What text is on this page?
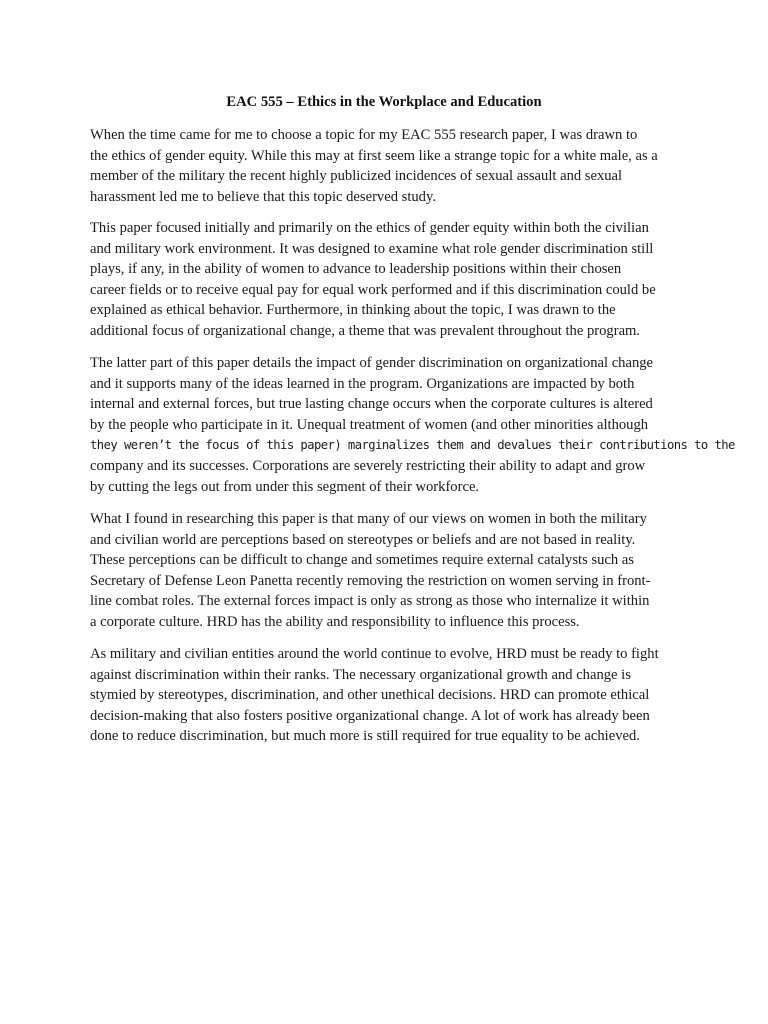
EAC 555 – Ethics in the Workplace and Education

When the time came for me to choose a topic for my EAC 555 research paper, I was drawn to
the ethics of gender equity. While this may at first seem like a strange topic for a white male, as a
member of the military the recent highly publicized incidences of sexual assault and sexual
harassment led me to believe that this topic deserved study.

This paper focused initially and primarily on the ethics of gender equity within both the civilian
and military work environment. It was designed to examine what role gender discrimination still
plays, if any, in the ability of women to advance to leadership positions within their chosen
career fields or to receive equal pay for equal work performed and if this discrimination could be
explained as ethical behavior. Furthermore, in thinking about the topic, I was drawn to the
additional focus of organizational change, a theme that was prevalent throughout the program.

The latter part of this paper details the impact of gender discrimination on organizational change
and it supports many of the ideas learned in the program. Organizations are impacted by both
internal and external forces, but true lasting change occurs when the corporate cultures is altered
by the people who participate in it. Unequal treatment of women (and other minorities although
they weren’t the focus of this paper) marginalizes them and devalues their contributions to the
company and its successes. Corporations are severely restricting their ability to adapt and grow
by cutting the legs out from under this segment of their workforce.

What I found in researching this paper is that many of our views on women in both the military
and civilian world are perceptions based on stereotypes or beliefs and are not based in reality.
These perceptions can be difficult to change and sometimes require external catalysts such as
Secretary of Defense Leon Panetta recently removing the restriction on women serving in front-
line combat roles. The external forces impact is only as strong as those who internalize it within
a corporate culture. HRD has the ability and responsibility to influence this process.

As military and civilian entities around the world continue to evolve, HRD must be ready to fight
against discrimination within their ranks. The necessary organizational growth and change is
stymied by stereotypes, discrimination, and other unethical decisions. HRD can promote ethical
decision-making that also fosters positive organizational change. A lot of work has already been
done to reduce discrimination, but much more is still required for true equality to be achieved.
